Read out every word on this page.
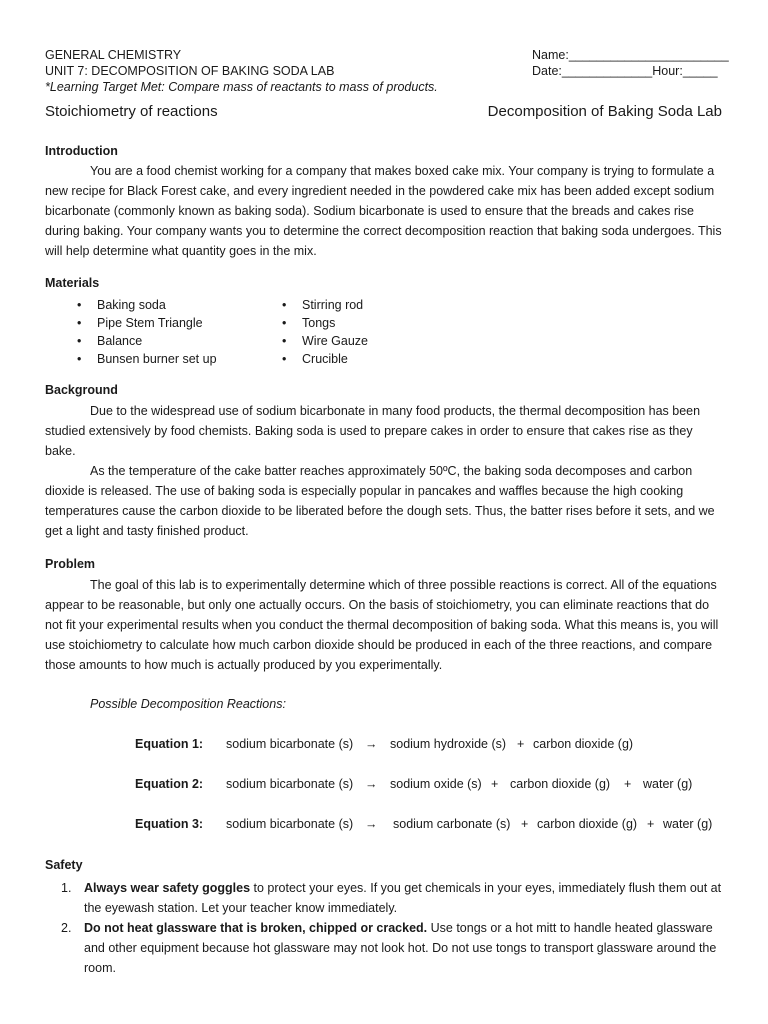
GENERAL CHEMISTRY
UNIT 7: DECOMPOSITION OF BAKING SODA LAB
*Learning Target Met: Compare mass of reactants to mass of products.
Name:_______________________
Date:_____________Hour:_____
Stoichiometry of reactions	Decomposition of Baking Soda Lab
Introduction

You are a food chemist working for a company that makes boxed cake mix. Your company is trying to formulate a new recipe for Black Forest cake, and every ingredient needed in the powdered cake mix has been added except sodium bicarbonate (commonly known as baking soda). Sodium bicarbonate is used to ensure that the breads and cakes rise during baking. Your company wants you to determine the correct decomposition reaction that baking soda undergoes. This will help determine what quantity goes in the mix.

Materials
• Baking soda
• Pipe Stem Triangle
• Balance
• Bunsen burner set up
• Stirring rod
• Tongs
• Wire Gauze
• Crucible
Background

Due to the widespread use of sodium bicarbonate in many food products, the thermal decomposition has been studied extensively by food chemists. Baking soda is used to prepare cakes in order to ensure that cakes rise as they bake.

As the temperature of the cake batter reaches approximately 50ºC, the baking soda decomposes and carbon dioxide is released. The use of baking soda is especially popular in pancakes and waffles because the high cooking temperatures cause the carbon dioxide to be liberated before the dough sets. Thus, the batter rises before it sets, and we get a light and tasty finished product.

Problem

The goal of this lab is to experimentally determine which of three possible reactions is correct. All of the equations appear to be reasonable, but only one actually occurs. On the basis of stoichiometry, you can eliminate reactions that do not fit your experimental results when you conduct the thermal decomposition of baking soda. What this means is, you will use stoichiometry to calculate how much carbon dioxide should be produced in each of the three reactions, and compare those amounts to how much is actually produced by you experimentally.

Possible Decomposition Reactions:
Equation 1: sodium bicarbonate (s) → sodium hydroxide (s) + carbon dioxide (g)
Equation 2: sodium bicarbonate (s) → sodium oxide (s) + carbon dioxide (g) + water (g)
Equation 3: sodium bicarbonate (s) → sodium carbonate (s) + carbon dioxide (g) + water (g)
Safety
1. Always wear safety goggles to protect your eyes. If you get chemicals in your eyes, immediately flush them out at the eyewash station. Let your teacher know immediately.
2. Do not heat glassware that is broken, chipped or cracked. Use tongs or a hot mitt to handle heated glassware and other equipment because hot glassware may not look hot. Do not use tongs to transport glassware around the room.
